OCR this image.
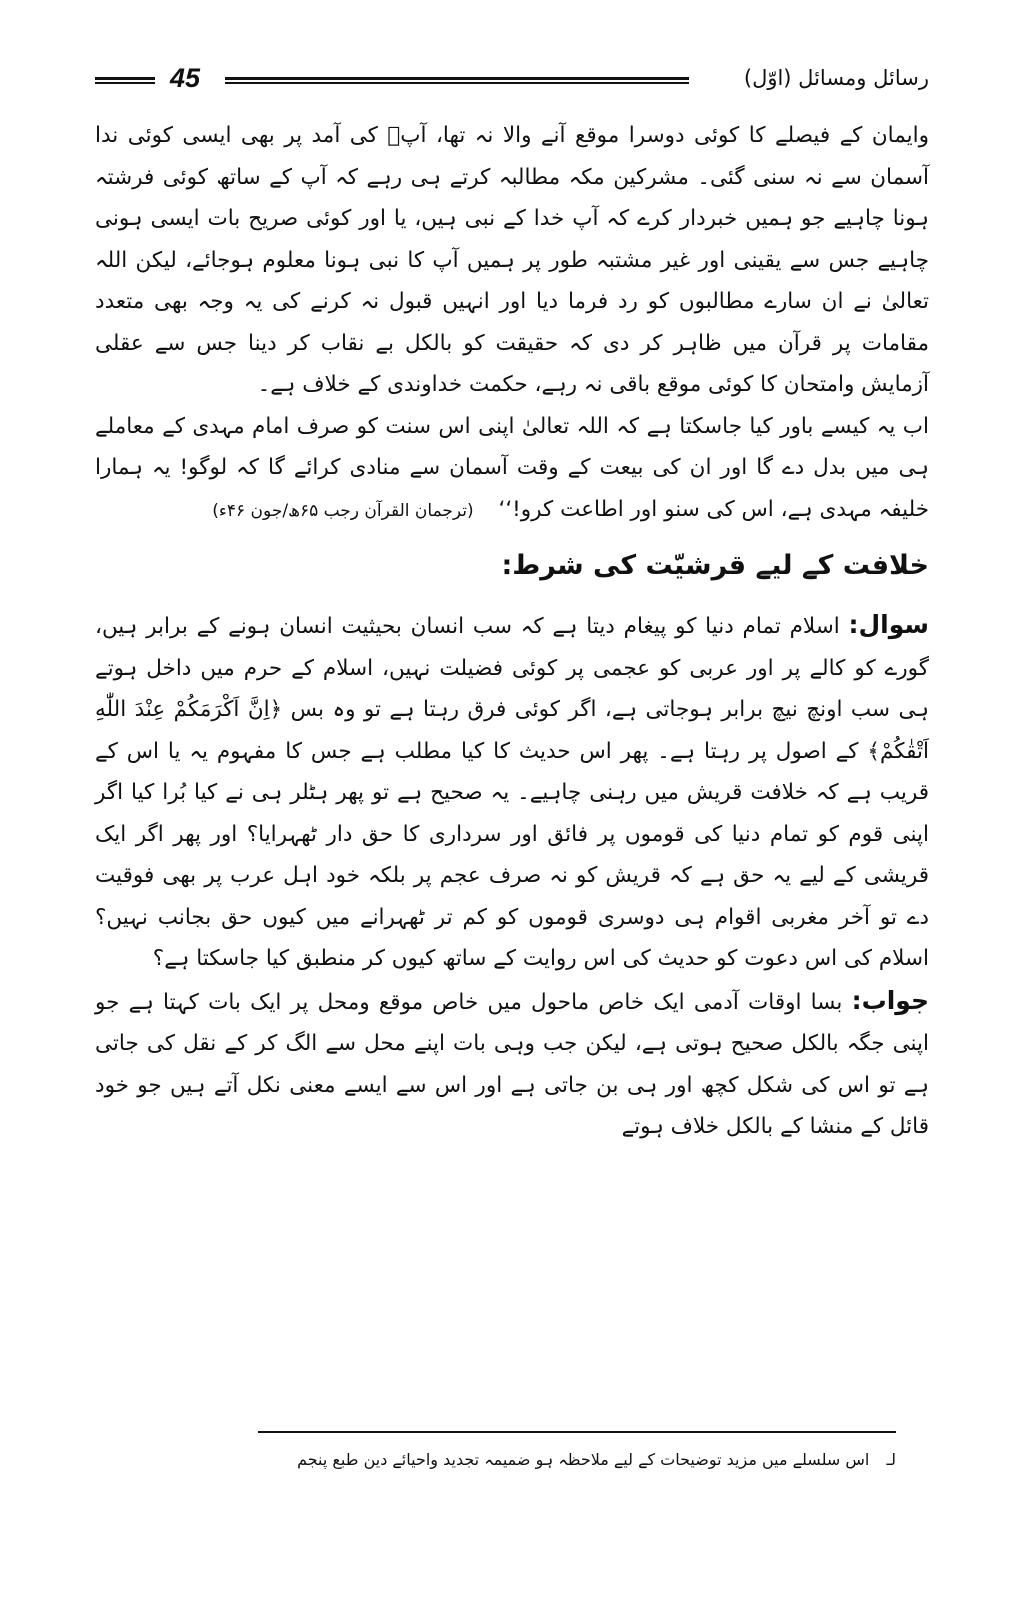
45	رسائل ومسائل (اوّل)

وایمان کے فیصلے کا کوئی دوسرا موقع آنے والا نہ تھا، آپؐ کی آمد پر بھی ایسی کوئی ندا آسمان سے نہ سنی گئی۔ مشرکین مکہ مطالبہ کرتے ہی رہے کہ آپ کے ساتھ کوئی فرشتہ ہونا چاہیے جو ہمیں خبردار کرے کہ آپ خدا کے نبی ہیں، یا اور کوئی صریح بات ایسی ہونی چاہیے جس سے یقینی اور غیر مشتبہ طور پر ہمیں آپ کا نبی ہونا معلوم ہوجائے، لیکن اللہ تعالیٰ نے ان سارے مطالبوں کو رد فرما دیا اور انہیں قبول نہ کرنے کی یہ وجہ بھی متعدد مقامات پر قرآن میں ظاہر کر دی کہ حقیقت کو بالکل بے نقاب کر دینا جس سے عقلی آزمایش وامتحان کا کوئی موقع باقی نہ رہے، حکمت خداوندی کے خلاف ہے۔

اب یہ کیسے باور کیا جاسکتا ہے کہ اللہ تعالیٰ اپنی اس سنت کو صرف امام مہدی کے معاملے ہی میں بدل دے گا اور ان کی بیعت کے وقت آسمان سے منادی کرائے گا کہ لوگو! یہ ہمارا خلیفہ مہدی ہے، اس کی سنو اور اطاعت کرو!‘‘ (ترجمان القرآن رجب ۶۵ھ/جون ۴۶ء)

خلافت کے لیے قرشیّت کی شرط:

سوال: اسلام تمام دنیا کو پیغام دیتا ہے کہ سب انسان بحیثیت انسان ہونے کے برابر ہیں، گورے کو کالے پر اور عربی کو عجمی پر کوئی فضیلت نہیں، اسلام کے حرم میں داخل ہوتے ہی سب اونچ نیچ برابر ہوجاتی ہے، اگر کوئی فرق رہتا ہے تو وہ بس ﴿اِنَّ اَكْرَمَكُمْ عِنْدَ اللّٰهِ اَتْقٰكُمْ﴾ کے اصول پر رہتا ہے۔ پھر اس حدیث کا کیا مطلب ہے جس کا مفہوم یہ یا اس کے قریب ہے کہ خلافت قریش میں رہنی چاہیے۔ یہ صحیح ہے تو پھر ہٹلر ہی نے کیا بُرا کیا اگر اپنی قوم کو تمام دنیا کی قوموں پر فائق اور سرداری کا حق دار ٹھہرایا؟ اور پھر اگر ایک قریشی کے لیے یہ حق ہے کہ قریش کو نہ صرف عجم پر بلکہ خود اہل عرب پر بھی فوقیت دے تو آخر مغربی اقوام ہی دوسری قوموں کو کم تر ٹھہرانے میں کیوں حق بجانب نہیں؟ اسلام کی اس دعوت کو حدیث کی اس روایت کے ساتھ کیوں کر منطبق کیا جاسکتا ہے؟

جواب: بسا اوقات آدمی ایک خاص ماحول میں خاص موقع ومحل پر ایک بات کہتا ہے جو اپنی جگہ بالکل صحیح ہوتی ہے، لیکن جب وہی بات اپنے محل سے الگ کر کے نقل کی جاتی ہے تو اس کی شکل کچھ اور ہی بن جاتی ہے اور اس سے ایسے معنی نکل آتے ہیں جو خود قائل کے منشا کے بالکل خلاف ہوتے

لـ اس سلسلے میں مزید توضیحات کے لیے ملاحظہ ہو ضمیمہ تجدید واحیائے دین طبع پنجم
